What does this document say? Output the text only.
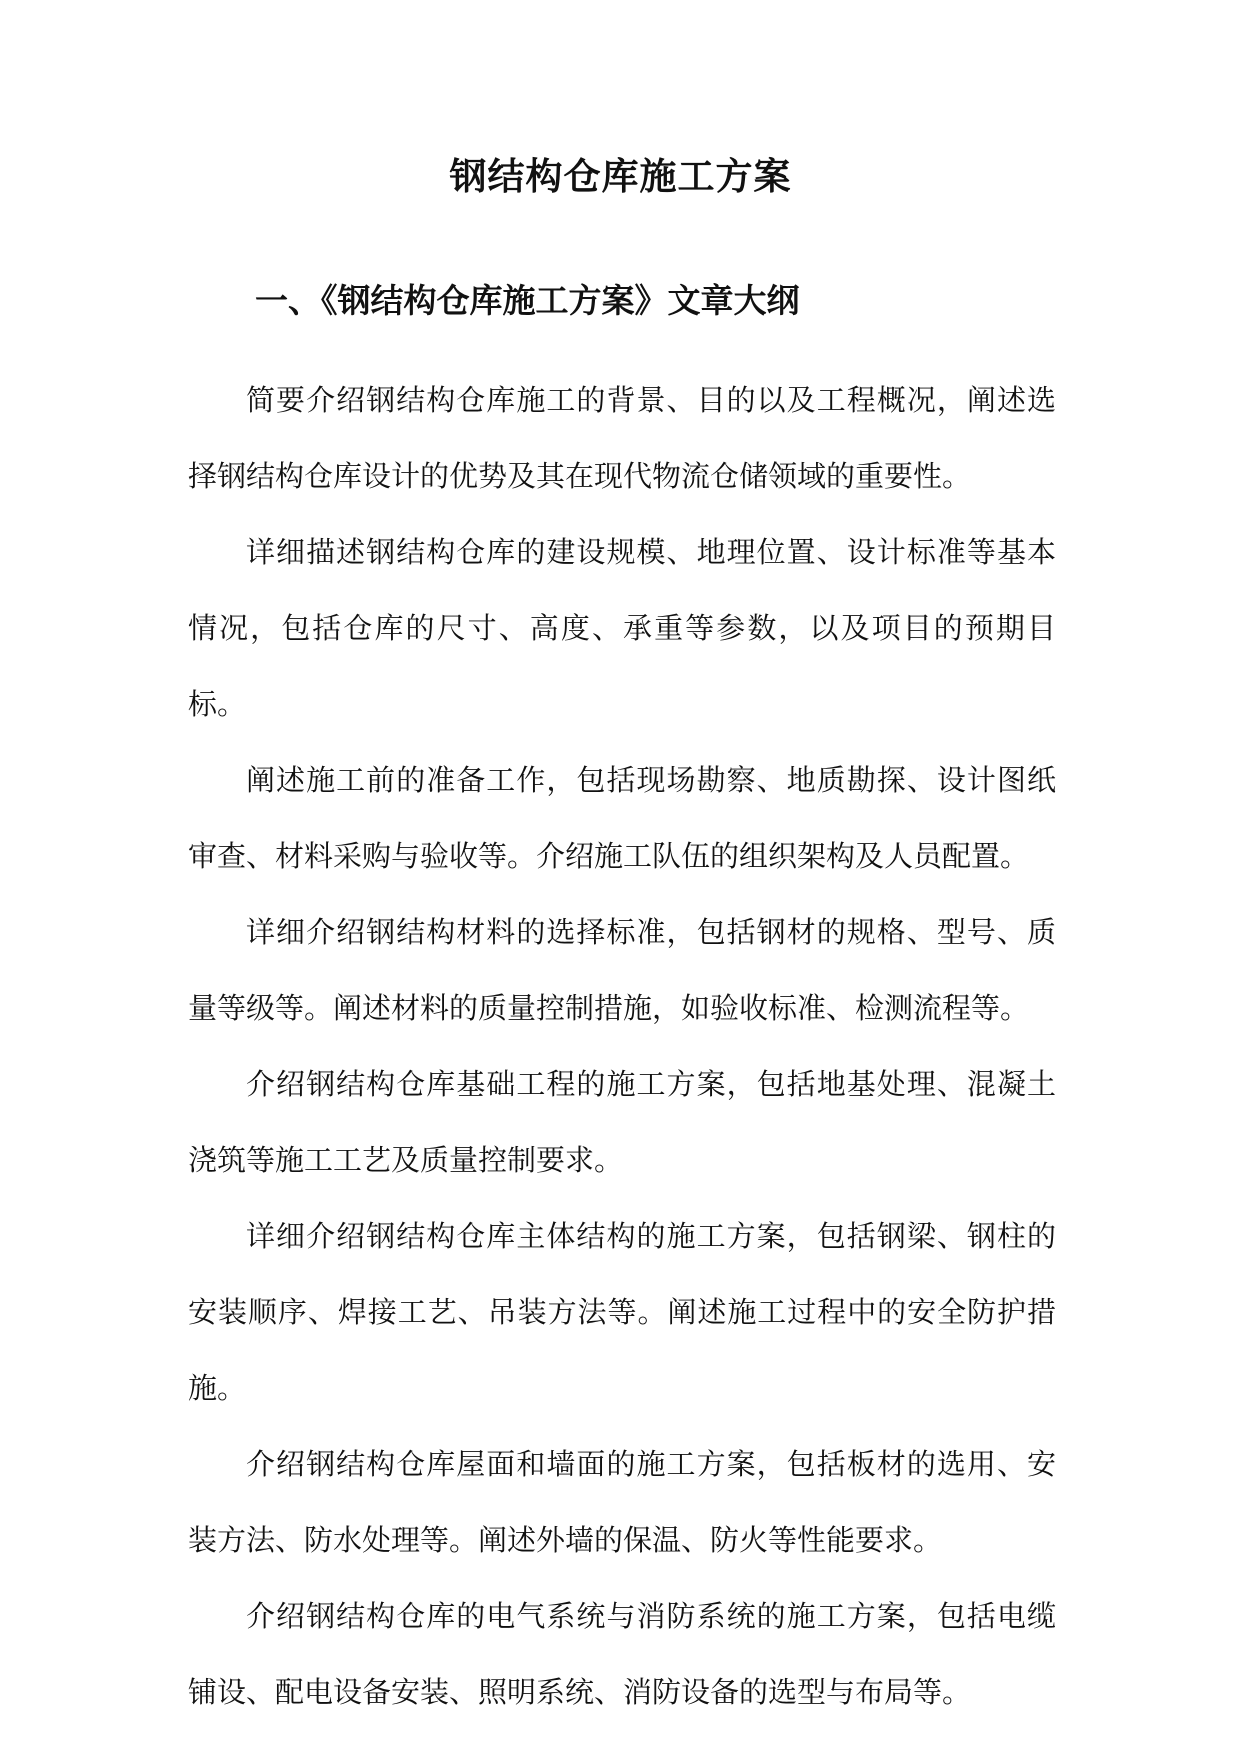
钢结构仓库施工方案
一、《钢结构仓库施工方案》文章大纲

简要介绍钢结构仓库施工的背景、目的以及工程概况，阐述选择钢结构仓库设计的优势及其在现代物流仓储领域的重要性。

详细描述钢结构仓库的建设规模、地理位置、设计标准等基本情况，包括仓库的尺寸、高度、承重等参数，以及项目的预期目标。

阐述施工前的准备工作，包括现场勘察、地质勘探、设计图纸审查、材料采购与验收等。介绍施工队伍的组织架构及人员配置。

详细介绍钢结构材料的选择标准，包括钢材的规格、型号、质量等级等。阐述材料的质量控制措施，如验收标准、检测流程等。

介绍钢结构仓库基础工程的施工方案，包括地基处理、混凝土浇筑等施工工艺及质量控制要求。

详细介绍钢结构仓库主体结构的施工方案，包括钢梁、钢柱的安装顺序、焊接工艺、吊装方法等。阐述施工过程中的安全防护措施。

介绍钢结构仓库屋面和墙面的施工方案，包括板材的选用、安装方法、防水处理等。阐述外墙的保温、防火等性能要求。

介绍钢结构仓库的电气系统与消防系统的施工方案，包括电缆铺设、配电设备安装、照明系统、消防设备的选型与布局等。
